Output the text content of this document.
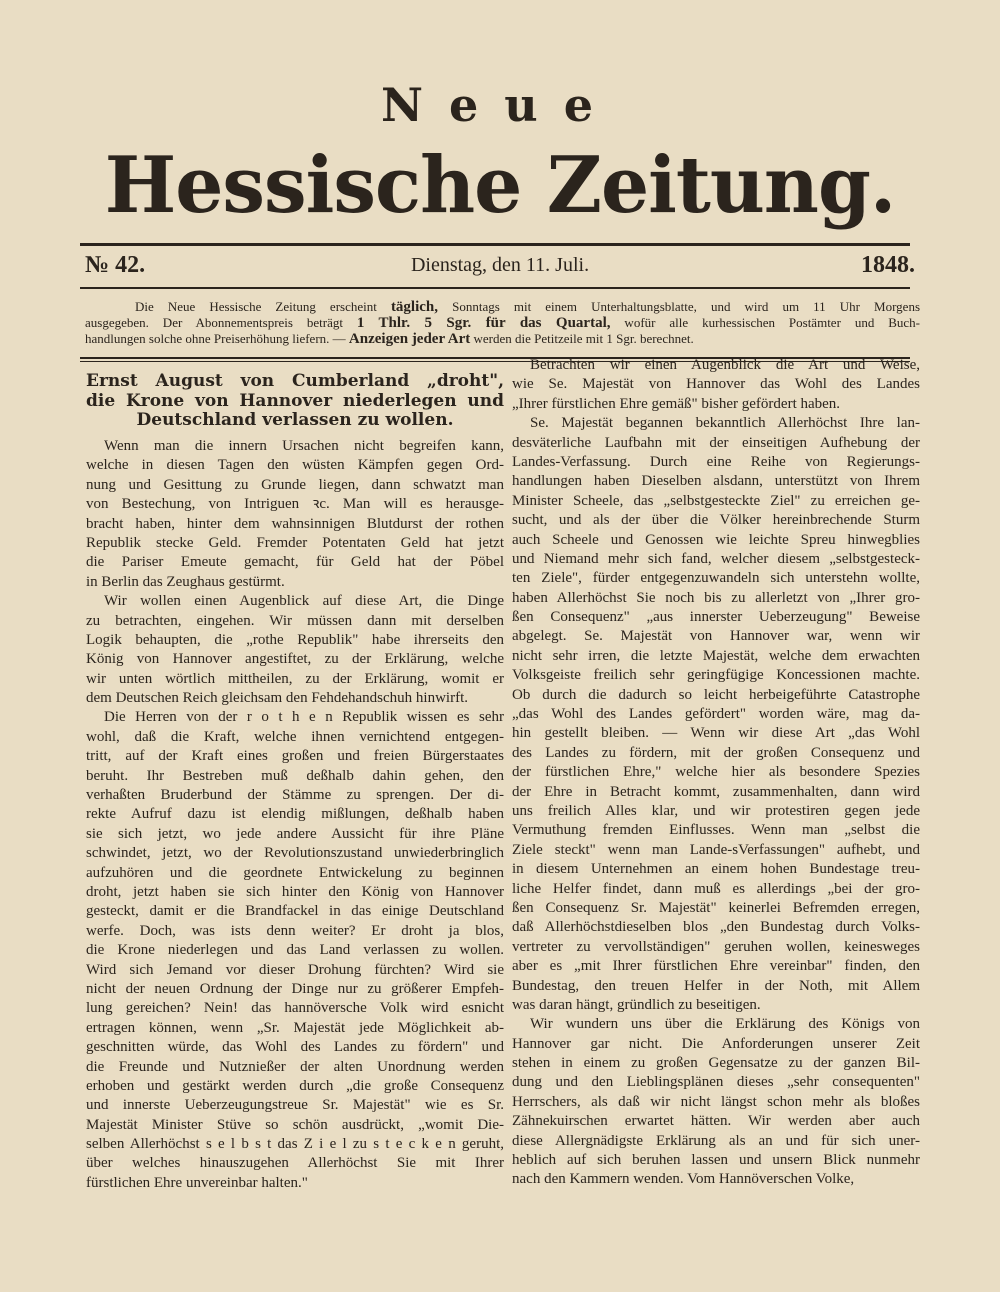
Neue
Hessische Zeitung.
№ 42.	Dienstag, den 11. Juli.	1848.
Die Neue Hessische Zeitung erscheint täglich, Sonntags mit einem Unterhaltungsblatte, und wird um 11 Uhr Morgens
ausgegeben. Der Abonnementspreis beträgt 1 Thlr. 5 Sgr. für das Quartal, wofür alle kurhessischen Postämter und Buch-
handlungen solche ohne Preiserhöhung liefern. — Anzeigen jeder Art werden die Petitzeile mit 1 Sgr. berechnet.
Ernst August von Cumberland „droht",
die Krone von Hannover niederlegen und
Deutschland verlassen zu wollen.
Wenn man die innern Ursachen nicht begreifen kann,
welche in diesen Tagen den wüsten Kämpfen gegen Ord-
nung und Gesittung zu Grunde liegen, dann schwatzt man
von Bestechung, von Intriguen ꝛc. Man will es herausge-
bracht haben, hinter dem wahnsinnigen Blutdurst der rothen
Republik stecke Geld. Fremder Potentaten Geld hat jetzt
die Pariser Emeute gemacht, für Geld hat der Pöbel
in Berlin das Zeughaus gestürmt.
Wir wollen einen Augenblick auf diese Art, die Dinge
zu betrachten, eingehen. Wir müssen dann mit derselben
Logik behaupten, die „rothe Republik" habe ihrerseits den
König von Hannover angestiftet, zu der Erklärung, welche
wir unten wörtlich mittheilen, zu der Erklärung, womit er
dem Deutschen Reich gleichsam den Fehdehandschuh hinwirft.
Die Herren von der r o t h e n Republik wissen es sehr
wohl, daß die Kraft, welche ihnen vernichtend entgegen-
tritt, auf der Kraft eines großen und freien Bürgerstaates
beruht. Ihr Bestreben muß deßhalb dahin gehen, den
verhaßten Bruderbund der Stämme zu sprengen. Der di-
rekte Aufruf dazu ist elendig mißlungen, deßhalb haben
sie sich jetzt, wo jede andere Aussicht für ihre Pläne
schwindet, jetzt, wo der Revolutionszustand unwiederbringlich
aufzuhören und die geordnete Entwickelung zu beginnen
droht, jetzt haben sie sich hinter den König von Hannover
gesteckt, damit er die Brandfackel in das einige Deutschland
werfe. Doch, was ists denn weiter? Er droht ja blos,
die Krone niederlegen und das Land verlassen zu wollen.
Wird sich Jemand vor dieser Drohung fürchten? Wird sie
nicht der neuen Ordnung der Dinge nur zu größerer Empfeh-
lung gereichen? Nein! das hannöversche Volk wird esnicht
ertragen können, wenn „Sr. Majestät jede Möglichkeit ab-
geschnitten würde, das Wohl des Landes zu fördern" und
die Freunde und Nutznießer der alten Unordnung werden
erhoben und gestärkt werden durch „die große Consequenz
und innerste Ueberzeugungstreue Sr. Majestät" wie es Sr.
Majestät Minister Stüve so schön ausdrückt, „womit Die-
selben Allerhöchst s e l b s t das Z i e l zu s t e c k e n geruht,
über welches hinauszugehen Allerhöchst Sie mit Ihrer
fürstlichen Ehre unvereinbar halten."
Betrachten wir einen Augenblick die Art und Weise,
wie Se. Majestät von Hannover das Wohl des Landes
„Ihrer fürstlichen Ehre gemäß" bisher gefördert haben.
Se. Majestät begannen bekanntlich Allerhöchst Ihre lan-
desväterliche Laufbahn mit der einseitigen Aufhebung der
Landes-Verfassung. Durch eine Reihe von Regierungs-
handlungen haben Dieselben alsdann, unterstützt von Ihrem
Minister Scheele, das „selbstgesteckte Ziel" zu erreichen ge-
sucht, und als der über die Völker hereinbrechende Sturm
auch Scheele und Genossen wie leichte Spreu hinwegblies
und Niemand mehr sich fand, welcher diesem „selbstgesteck-
ten Ziele", fürder entgegenzuwandeln sich unterstehn wollte,
haben Allerhöchst Sie noch bis zu allerletzt von „Ihrer gro-
ßen Consequenz" „aus innerster Ueberzeugung" Beweise
abgelegt. Se. Majestät von Hannover war, wenn wir
nicht sehr irren, die letzte Majestät, welche dem erwachten
Volksgeiste freilich sehr geringfügige Koncessionen machte.
Ob durch die dadurch so leicht herbeigeführte Catastrophe
„das Wohl des Landes gefördert" worden wäre, mag da-
hin gestellt bleiben. — Wenn wir diese Art „das Wohl
des Landes zu fördern, mit der großen Consequenz und
der fürstlichen Ehre," welche hier als besondere Spezies
der Ehre in Betracht kommt, zusammenhalten, dann wird
uns freilich Alles klar, und wir protestiren gegen jede
Vermuthung fremden Einflusses. Wenn man „selbst die
Ziele steckt" wenn man Lande-sVerfassungen" aufhebt, und
in diesem Unternehmen an einem hohen Bundestage treu-
liche Helfer findet, dann muß es allerdings „bei der gro-
ßen Consequenz Sr. Majestät" keinerlei Befremden erregen,
daß Allerhöchstdieselben blos „den Bundestag durch Volks-
vertreter zu vervollständigen" geruhen wollen, keinesweges
aber es „mit Ihrer fürstlichen Ehre vereinbar" finden, den
Bundestag, den treuen Helfer in der Noth, mit Allem
was daran hängt, gründlich zu beseitigen.
Wir wundern uns über die Erklärung des Königs von
Hannover gar nicht. Die Anforderungen unserer Zeit
stehen in einem zu großen Gegensatze zu der ganzen Bil-
dung und den Lieblingsplänen dieses „sehr consequenten"
Herrschers, als daß wir nicht längst schon mehr als bloßes
Zähnekuirschen erwartet hätten. Wir werden aber auch
diese Allergnädigste Erklärung als an und für sich uner-
heblich auf sich beruhen lassen und unsern Blick nunmehr
nach den Kammern wenden. Vom Hannöverschen Volke,
